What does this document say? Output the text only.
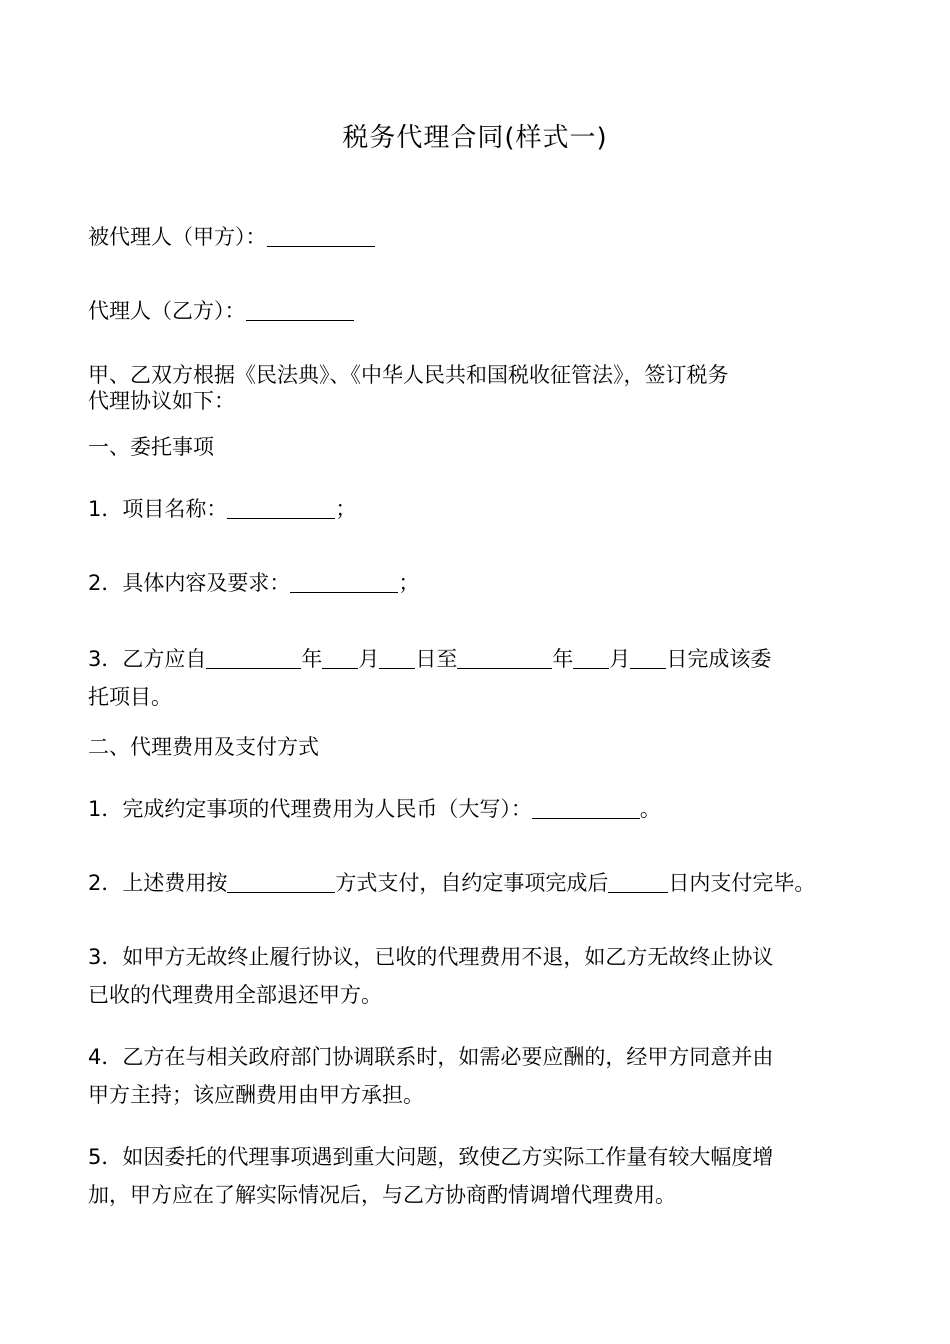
税务代理合同(样式一)
被代理人（甲方）：
代理人（乙方）：
甲、乙双方根据《民法典》、《中华人民共和国税收征管法》，签订税务
代理协议如下：
一、委托事项
1．项目名称：	；
2．具体内容及要求：	；
3．乙方应自	年 月 日至	年 月 日完成该委
托项目。
二、代理费用及支付方式
1．完成约定事项的代理费用为人民币（大写）：	。
2．上述费用按	方式支付，自约定事项完成后	日内支付完毕。
3．如甲方无故终止履行协议，已收的代理费用不退，如乙方无故终止协议
已收的代理费用全部退还甲方。
4．乙方在与相关政府部门协调联系时，如需必要应酬的，经甲方同意并由
甲方主持；该应酬费用由甲方承担。
5．如因委托的代理事项遇到重大问题，致使乙方实际工作量有较大幅度增
加，甲方应在了解实际情况后，与乙方协商酌情调增代理费用。
